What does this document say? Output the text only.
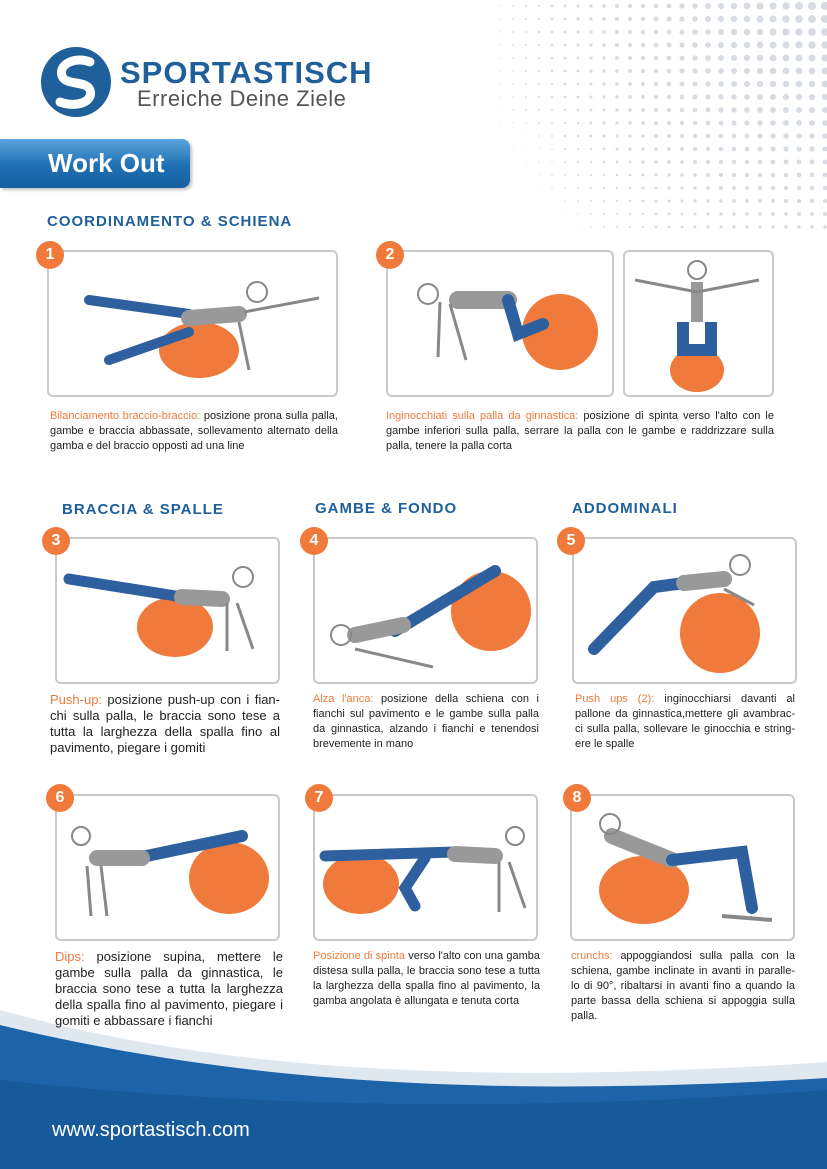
SPORTASTISCH
Erreiche Deine Ziele
Work Out
COORDINAMENTO & SCHIENA
BRACCIA & SPALLE	GAMBE & FONDO	ADDOMINALI
1	2
3	4	5
6	7	8
Bilanciamento braccio-braccio: posizione prona sulla palla, gambe e braccia abbassate, sollevamento alternato della gamba e del braccio opposti ad una line
Inginocchiati sulla palla da ginnastica: posizione di spinta verso l'alto con le gambe inferiori sulla palla, serrare la palla con le gambe e raddrizzare sulla palla, tenere la palla corta
Push-up: posizione push-up con i fian-chi sulla palla, le braccia sono tese a tutta la larghezza della spalla fino al pavimento, piegare i gomiti
Alza l'anca: posizione della schiena con i fianchi sul pavimento e le gambe sulla palla da ginnastica, alzando i fianchi e tenendosi brevemente in mano
Push ups (2): inginocchiarsi davanti al pallone da ginnastica,mettere gli avambrac-ci sulla palla, sollevare le ginocchia e string-ere le spalle
Dips: posizione supina, mettere le gambe sulla palla da ginnastica, le braccia sono tese a tutta la larghezza della spalla fino al pavimento, piegare i gomiti e abbassare i fianchi
Posizione di spinta verso l'alto con una gamba distesa sulla palla, le braccia sono tese a tutta la larghezza della spalla fino al pavimento, la gamba angolata è allungata e tenuta corta
crunchs: appoggiandosi sulla palla con la schiena, gambe inclinate in avanti in paralle-lo di 90°, ribaltarsi in avanti fino a quando la parte bassa della schiena si appoggia sulla palla.
www.sportastisch.com
